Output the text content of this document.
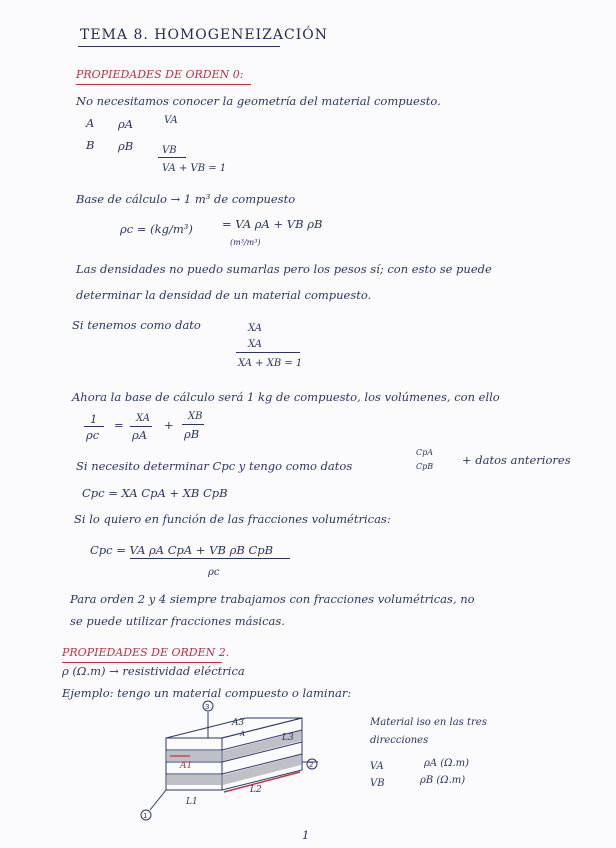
TEMA 8. HOMOGENEIZACIÓN
PROPIEDADES DE ORDEN 0:
No necesitamos conocer la geometría del material compuesto.
A ρA	VA
B ρB	VB
VA + VB = 1
Base de cálculo → 1 m³ de compuesto
ρc = (kg/m³)	= VA ρA + VB ρB
(m³/m³)
Las densidades no puedo sumarlas pero los pesos sí; con esto se puede
determinar la densidad de un material compuesto.
Si tenemos como dato	XA
XA
XA + XB = 1
Ahora la base de cálculo será 1 kg de compuesto, los volúmenes, con ello
1
ρc
= XA
ρA
+
XB
ρB
Si necesito determinar Cpc y tengo como datos
CpA
CpB	+ datos anteriores
Cpc = XA CpA + XB CpB
Si lo quiero en función de las fracciones volumétricas:
Cpc = VA ρA CpA + VB ρB CpB
ρc
Para orden 2 y 4 siempre trabajamos con fracciones volumétricas, no
se puede utilizar fracciones másicas.
PROPIEDADES DE ORDEN 2.
ρ (Ω.m) → resistividad eléctrica
Ejemplo: tengo un material compuesto o laminar:
3
2
1
A3
A1
L3
L2
L1
A
Material iso en las tres
direcciones
VA	ρA (Ω.m)
VB	ρB (Ω.m)
1
